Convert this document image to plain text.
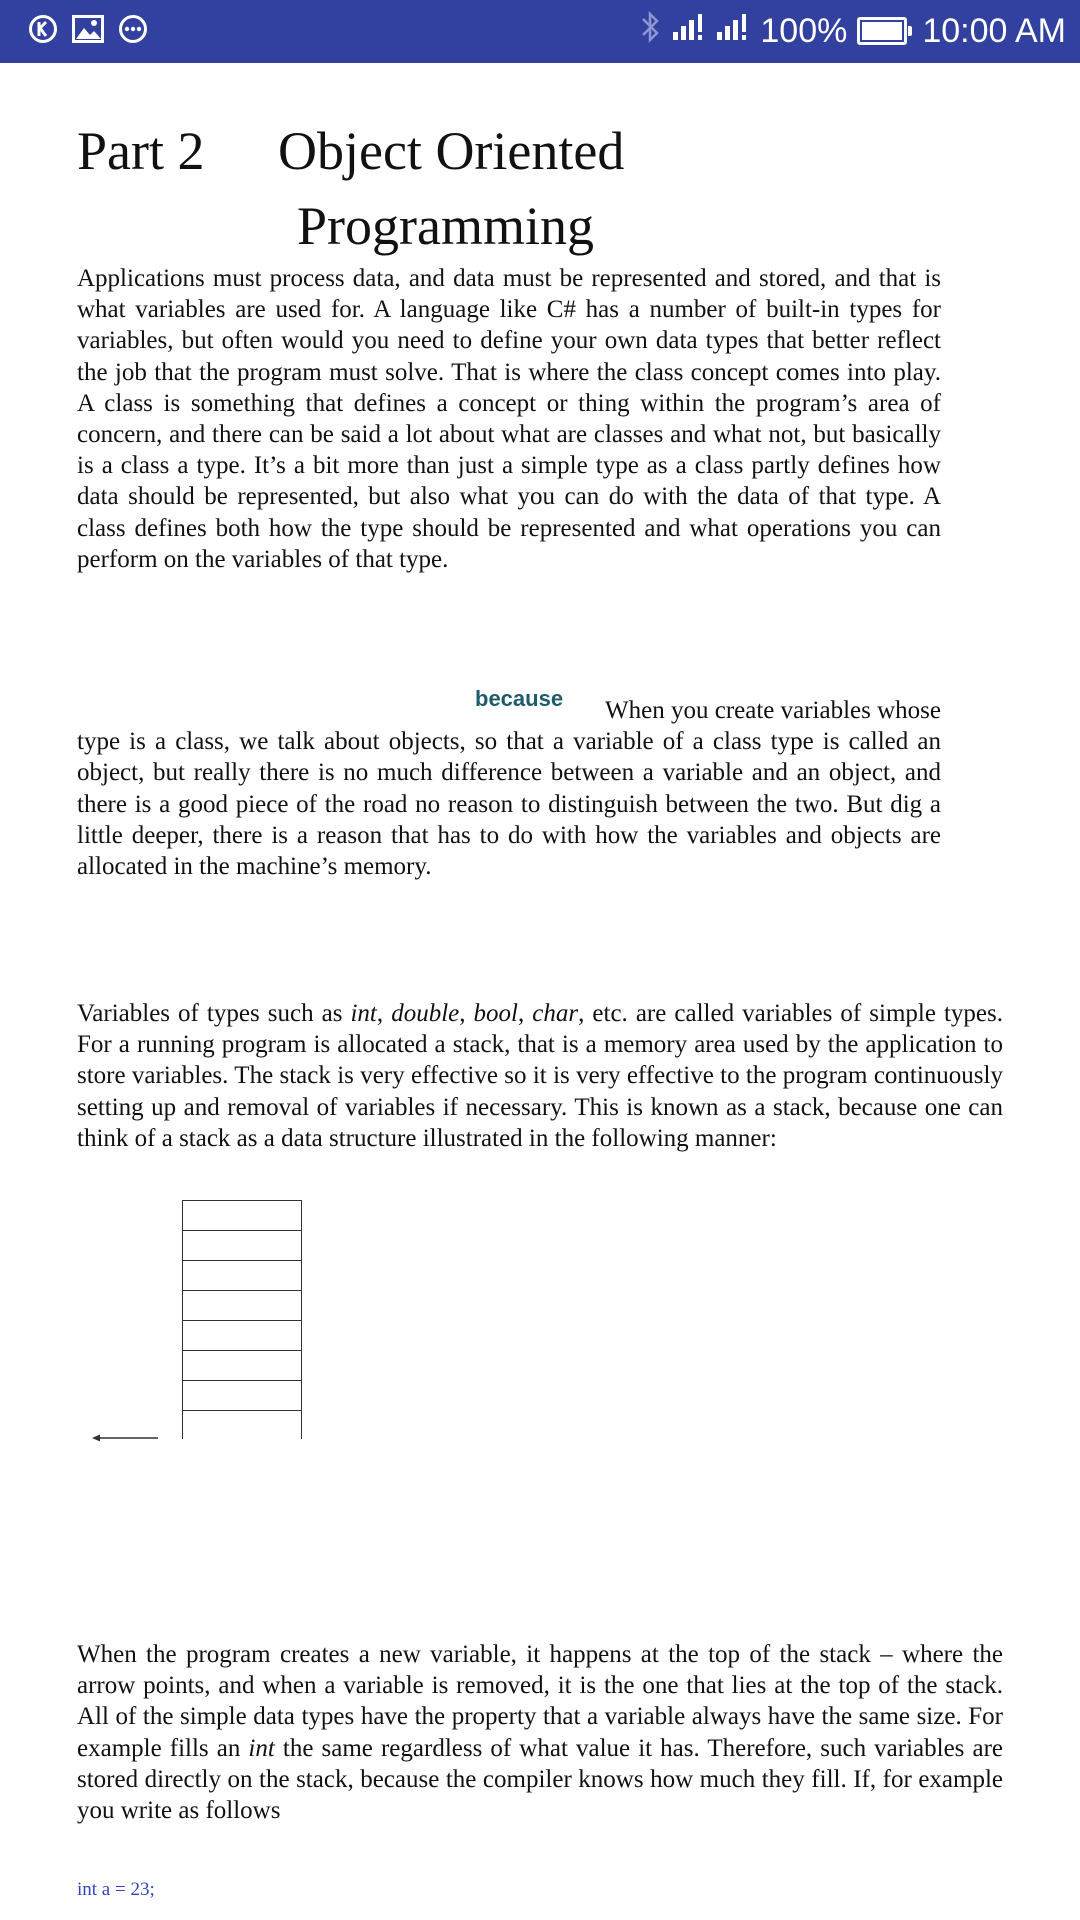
100% 10:00 AM
Part 2 Object Oriented
Programming

Applications must process data, and data must be represented and stored, and that is what variables are used for. A language like C# has a number of built-in types for variables, but often would you need to define your own data types that better reflect the job that the program must solve. That is where the class concept comes into play. A class is something that defines a concept or thing within the program’s area of concern, and there can be said a lot about what are classes and what not, but basically is a class a type. It’s a bit more than just a simple type as a class partly defines how data should be represented, but also what you can do with the data of that type. A class defines both how the type should be represented and what operations you can perform on the variables of that type.

because	When you create variables whose
type is a class, we talk about objects, so that a variable of a class type is called an object, but really there is no much difference between a variable and an object, and there is a good piece of the road no reason to distinguish between the two. But dig a little deeper, there is a reason that has to do with how the variables and objects are allocated in the machine’s memory.

Variables of types such as int, double, bool, char, etc. are called variables of simple types. For a running program is allocated a stack, that is a memory area used by the application to store variables. The stack is very effective so it is very effective to the program continuously setting up and removal of variables if necessary. This is known as a stack, because one can think of a stack as a data structure illustrated in the following manner:

When the program creates a new variable, it happens at the top of the stack – where the arrow points, and when a variable is removed, it is the one that lies at the top of the stack. All of the simple data types have the property that a variable always have the same size. For example fills an int the same regardless of what value it has. Therefore, such variables are stored directly on the stack, because the compiler knows how much they fill. If, for example you write as follows

int a = 23;
